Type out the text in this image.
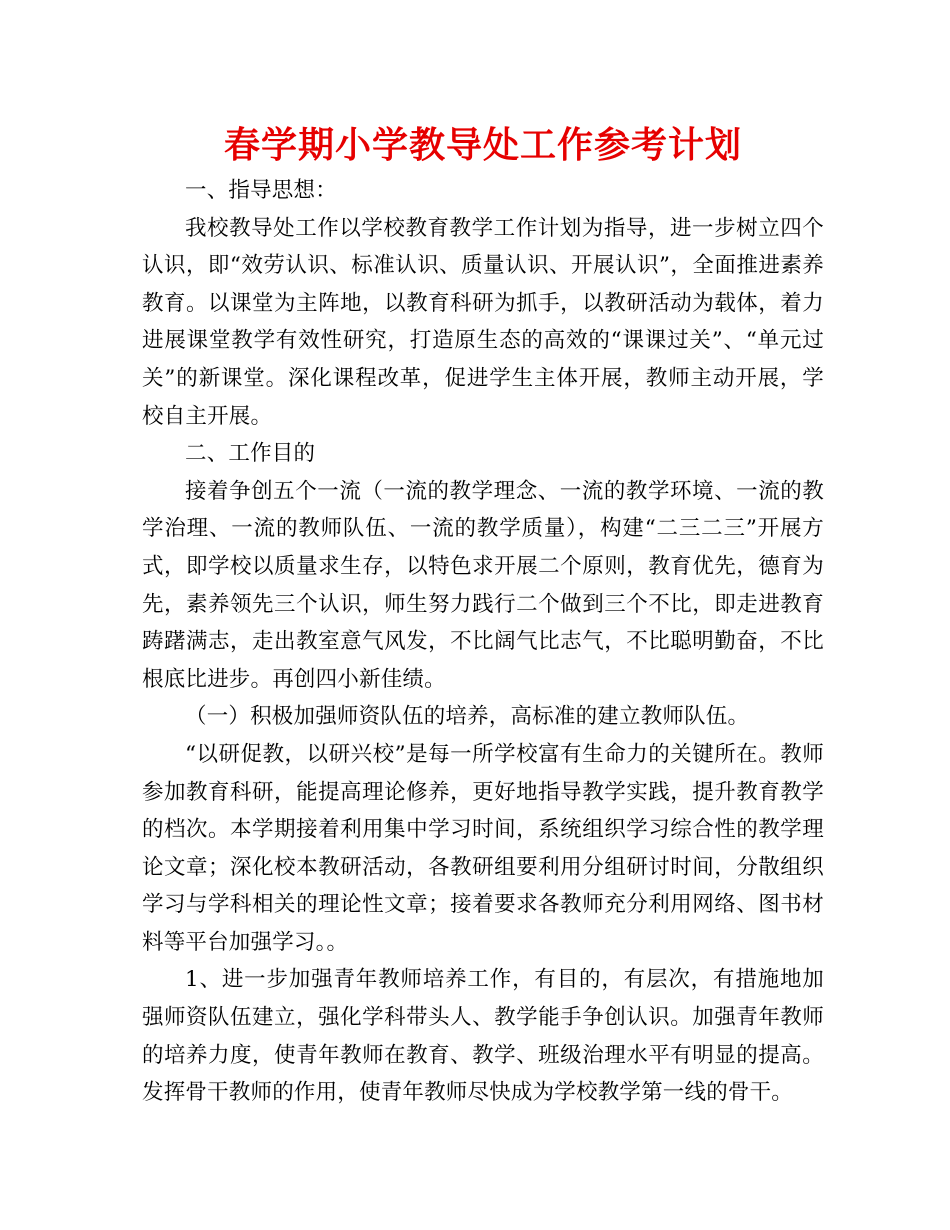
春学期小学教导处工作参考计划

一、指导思想：

我校教导处工作以学校教育教学工作计划为指导，进一步树立四个认识，即“效劳认识、标准认识、质量认识、开展认识”，全面推进素养教育。以课堂为主阵地，以教育科研为抓手，以教研活动为载体，着力进展课堂教学有效性研究，打造原生态的高效的“课课过关”、“单元过关”的新课堂。深化课程改革，促进学生主体开展，教师主动开展，学校自主开展。

二、工作目的

接着争创五个一流（一流的教学理念、一流的教学环境、一流的教学治理、一流的教师队伍、一流的教学质量），构建“二三二三”开展方式，即学校以质量求生存，以特色求开展二个原则，教育优先，德育为先，素养领先三个认识，师生努力践行二个做到三个不比，即走进教育踌躇满志，走出教室意气风发，不比阔气比志气，不比聪明勤奋，不比根底比进步。再创四小新佳绩。

（一）积极加强师资队伍的培养，高标准的建立教师队伍。

“以研促教，以研兴校”是每一所学校富有生命力的关键所在。教师参加教育科研，能提高理论修养，更好地指导教学实践，提升教育教学的档次。本学期接着利用集中学习时间，系统组织学习综合性的教学理论文章；深化校本教研活动，各教研组要利用分组研讨时间，分散组织学习与学科相关的理论性文章；接着要求各教师充分利用网络、图书材料等平台加强学习。。

1、进一步加强青年教师培养工作，有目的，有层次，有措施地加强师资队伍建立，强化学科带头人、教学能手争创认识。加强青年教师的培养力度，使青年教师在教育、教学、班级治理水平有明显的提高。发挥骨干教师的作用，使青年教师尽快成为学校教学第一线的骨干。
